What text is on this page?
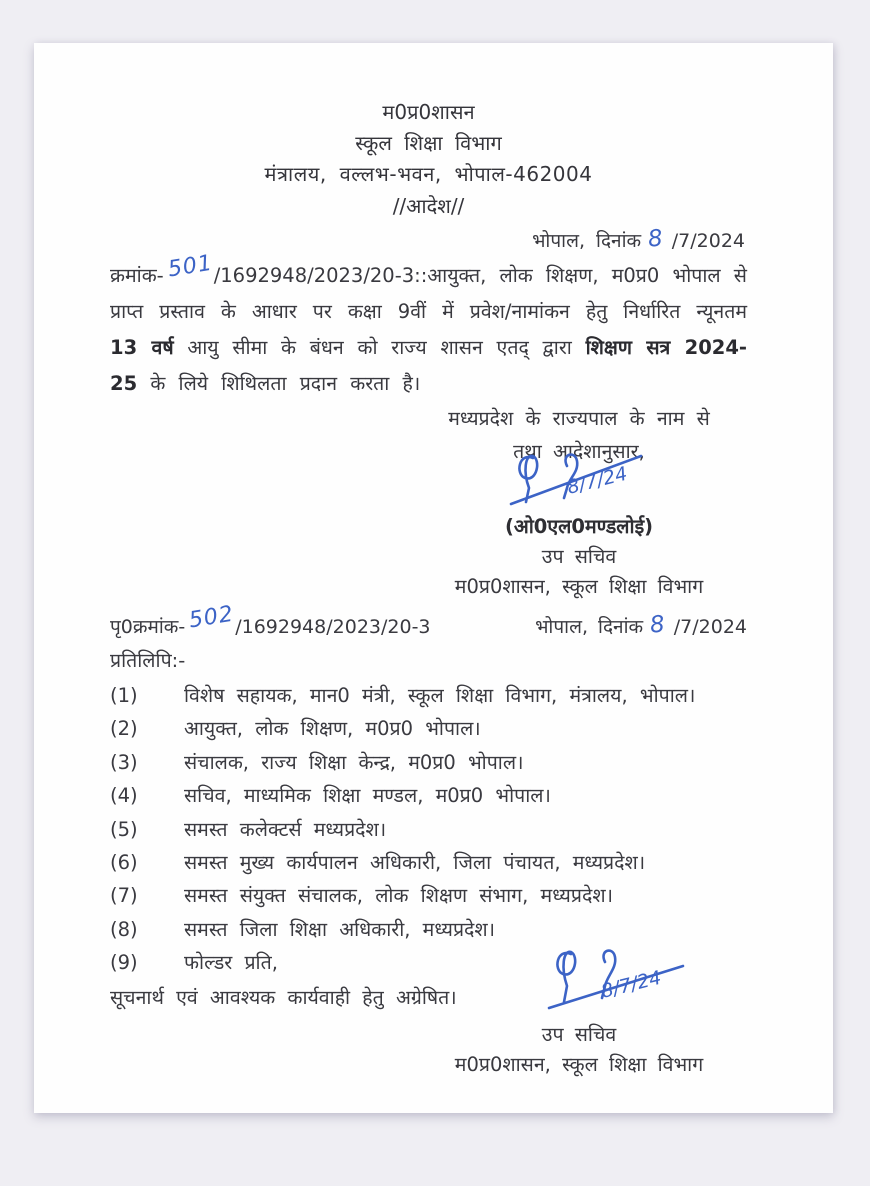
म0प्र0शासन
स्कूल शिक्षा विभाग
मंत्रालय, वल्लभ-भवन, भोपाल-462004
//आदेश//
भोपाल, दिनांक 8 /7/2024
क्रमांक- 501/1692948/2023/20-3::आयुक्त, लोक शिक्षण, म0प्र0 भोपाल से प्राप्त प्रस्ताव के आधार पर कक्षा 9वीं में प्रवेश/नामांकन हेतु निर्धारित न्यूनतम 13 वर्ष आयु सीमा के बंधन को राज्य शासन एतद् द्वारा शिक्षण सत्र 2024-25 के लिये शिथिलता प्रदान करता है।
मध्यप्रदेश के राज्यपाल के नाम से
तथा आदेशानुसार,
8/7/24
(ओ0एल0मण्डलोई)
उप सचिव
म0प्र0शासन, स्कूल शिक्षा विभाग
पृ0क्रमांक- 502/1692948/2023/20-3	भोपाल, दिनांक 8 /7/2024
प्रतिलिपि:-
(1)	विशेष सहायक, मान0 मंत्री, स्कूल शिक्षा विभाग, मंत्रालय, भोपाल।
(2)	आयुक्त, लोक शिक्षण, म0प्र0 भोपाल।
(3)	संचालक, राज्य शिक्षा केन्द्र, म0प्र0 भोपाल।
(4)	सचिव, माध्यमिक शिक्षा मण्डल, म0प्र0 भोपाल।
(5)	समस्त कलेक्टर्स मध्यप्रदेश।
(6)	समस्त मुख्य कार्यपालन अधिकारी, जिला पंचायत, मध्यप्रदेश।
(7)	समस्त संयुक्त संचालक, लोक शिक्षण संभाग, मध्यप्रदेश।
(8)	समस्त जिला शिक्षा अधिकारी, मध्यप्रदेश।
(9)	फोल्डर प्रति,
सूचनार्थ एवं आवश्यक कार्यवाही हेतु अग्रेषित।	8/7/24
उप सचिव
म0प्र0शासन, स्कूल शिक्षा विभाग
